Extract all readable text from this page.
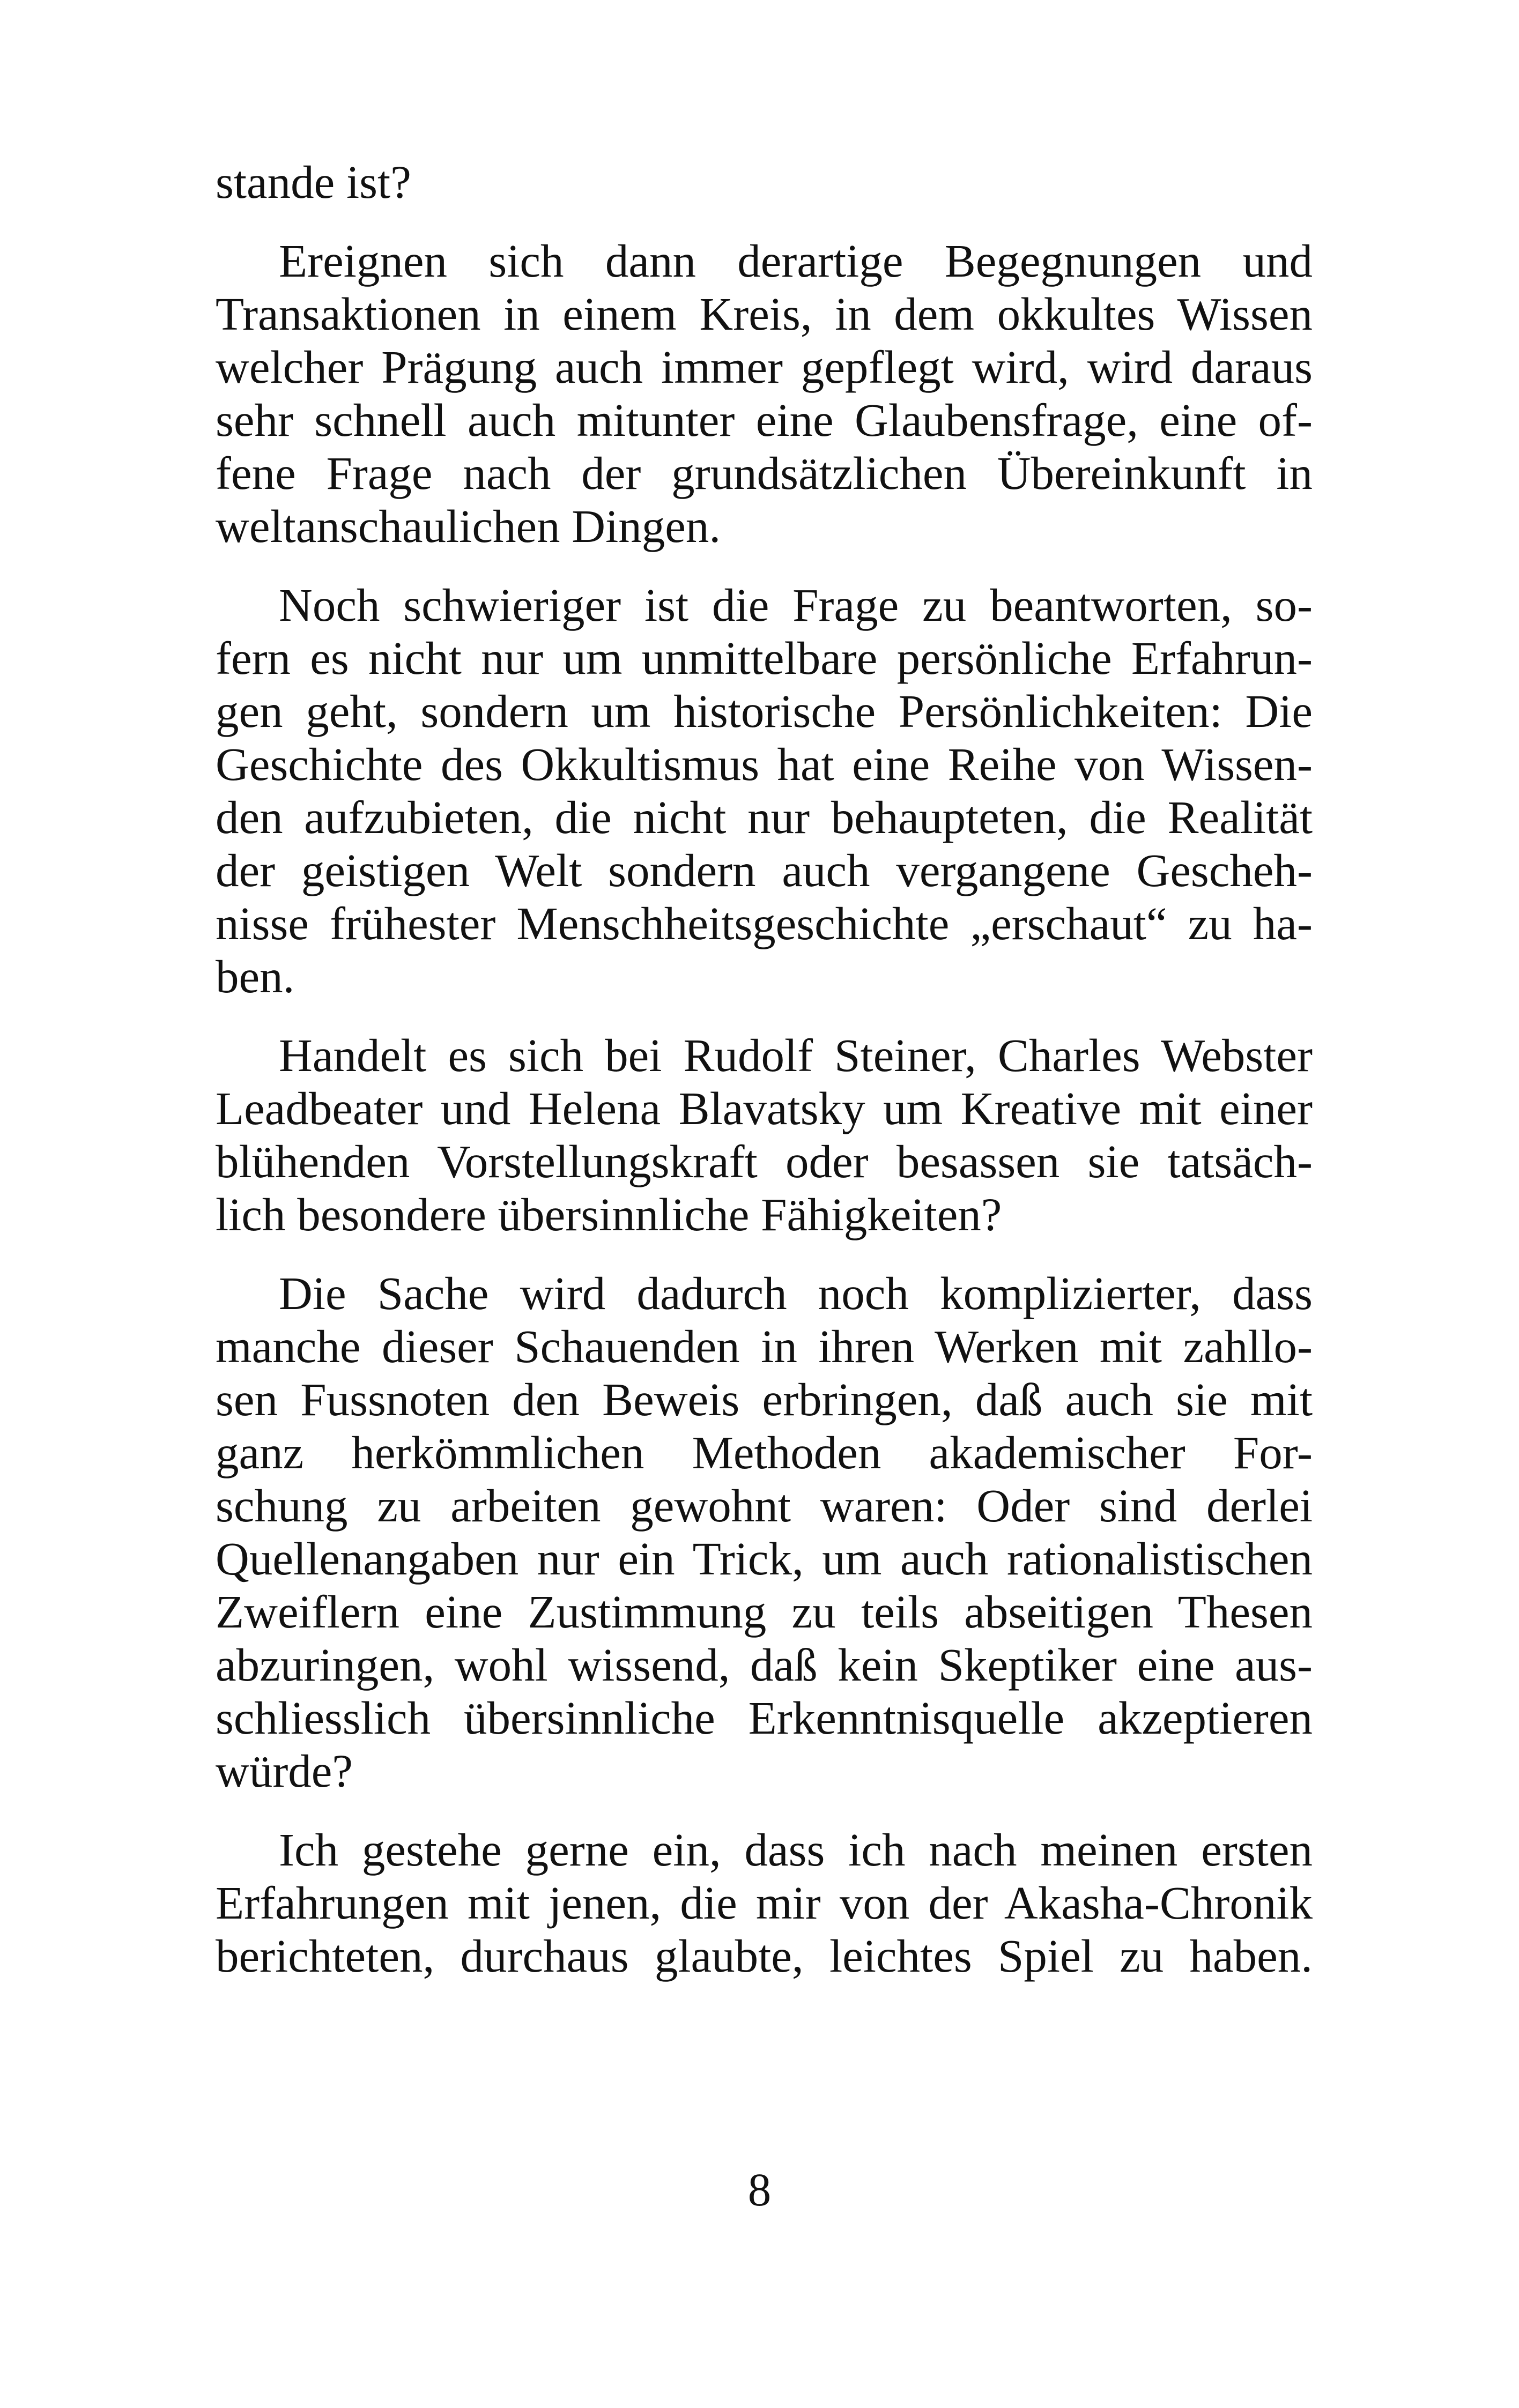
stande ist?
Ereignen sich dann derartige Begegnungen und
Transaktionen in einem Kreis, in dem okkultes Wissen
welcher Prägung auch immer gepflegt wird, wird daraus
sehr schnell auch mitunter eine Glaubensfrage, eine of-
fene Frage nach der grundsätzlichen Übereinkunft in
weltanschaulichen Dingen.
Noch schwieriger ist die Frage zu beantworten, so-
fern es nicht nur um unmittelbare persönliche Erfahrun-
gen geht, sondern um historische Persönlichkeiten: Die
Geschichte des Okkultismus hat eine Reihe von Wissen-
den aufzubieten, die nicht nur behaupteten, die Realität
der geistigen Welt sondern auch vergangene Gescheh-
nisse frühester Menschheitsgeschichte „erschaut“ zu ha-
ben.
Handelt es sich bei Rudolf Steiner, Charles Webster
Leadbeater und Helena Blavatsky um Kreative mit einer
blühenden Vorstellungskraft oder besassen sie tatsäch-
lich besondere übersinnliche Fähigkeiten?
Die Sache wird dadurch noch komplizierter, dass
manche dieser Schauenden in ihren Werken mit zahllo-
sen Fussnoten den Beweis erbringen, daß auch sie mit
ganz herkömmlichen Methoden akademischer For-
schung zu arbeiten gewohnt waren: Oder sind derlei
Quellenangaben nur ein Trick, um auch rationalistischen
Zweiflern eine Zustimmung zu teils abseitigen Thesen
abzuringen, wohl wissend, daß kein Skeptiker eine aus-
schliesslich übersinnliche Erkenntnisquelle akzeptieren
würde?
Ich gestehe gerne ein, dass ich nach meinen ersten
Erfahrungen mit jenen, die mir von der Akasha-Chronik
berichteten, durchaus glaubte, leichtes Spiel zu haben.
8
